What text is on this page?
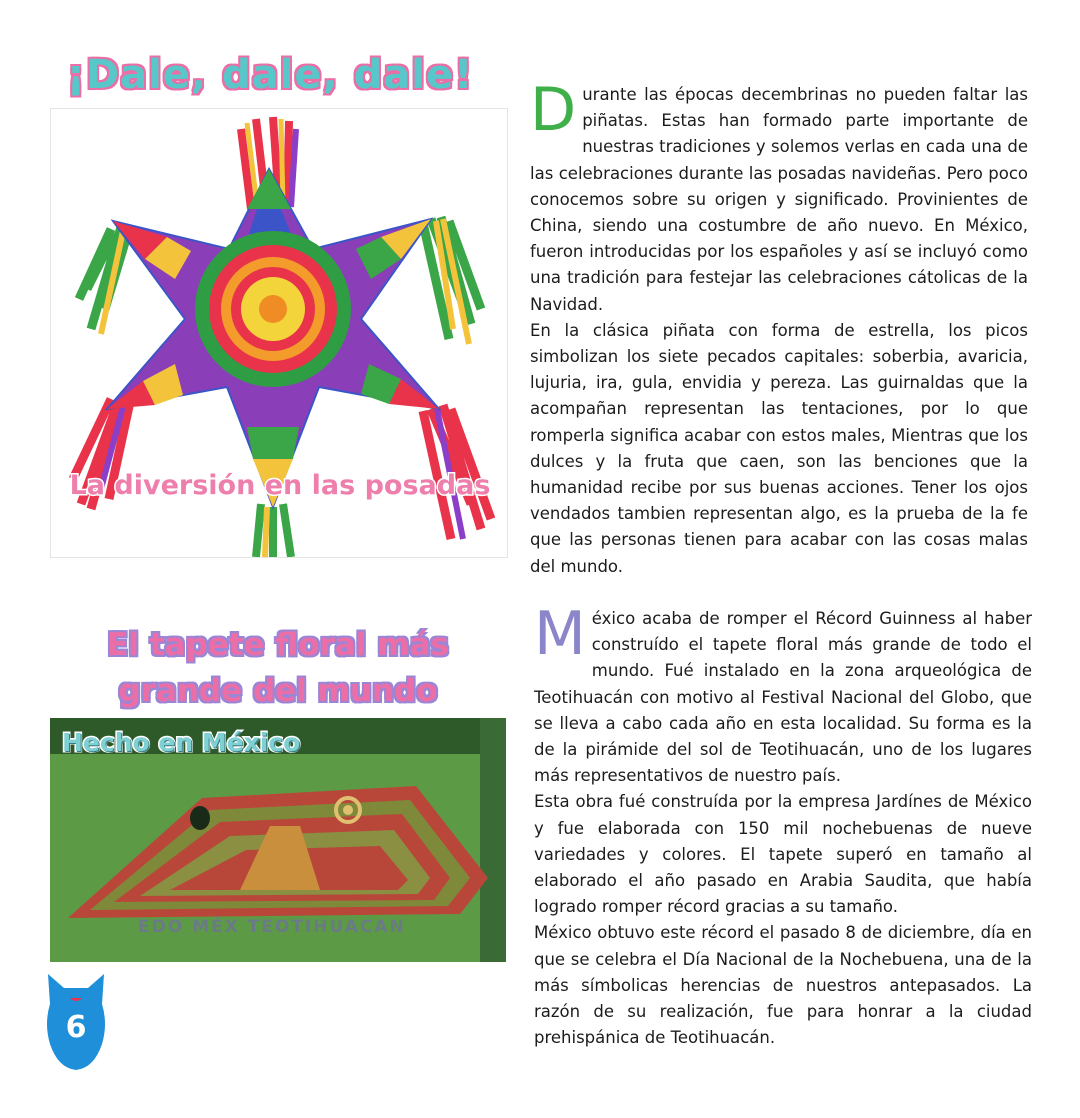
¡Dale, dale, dale!
La diversión en las posadas

Durante las épocas decembrinas no pueden faltar las piñatas. Estas han formado parte importante de nuestras tradiciones y solemos verlas en cada una de las celebraciones durante las posadas navideñas. Pero poco conocemos sobre su origen y significado. Provinientes de China, siendo una costumbre de año nuevo. En México, fueron introducidas por los españoles y así se incluyó como una tradición para festejar las celebraciones cátolicas de la Navidad.

En la clásica piñata con forma de estrella, los picos simbolizan los siete pecados capitales: soberbia, avaricia, lujuria, ira, gula, envidia y pereza. Las guirnaldas que la acompañan representan las tentaciones, por lo que romperla significa acabar con estos males, Mientras que los dulces y la fruta que caen, son las benciones que la humanidad recibe por sus buenas acciones. Tener los ojos vendados tambien representan algo, es la prueba de la fe que las personas tienen para acabar con las cosas malas del mundo.

El tapete floral más grande del mundo
EDO MÉX TEOTIHUACAN
Hecho en México

México acaba de romper el Récord Guinness al haber construído el tapete floral más grande de todo el mundo. Fué instalado en la zona arqueológica de Teotihuacán con motivo al Festival Nacional del Globo, que se lleva a cabo cada año en esta localidad. Su forma es la de la pirámide del sol de Teotihuacán, uno de los lugares más representativos de nuestro país.

Esta obra fué construída por la empresa Jardínes de México y fue elaborada con 150 mil nochebuenas de nueve variedades y colores. El tapete superó en tamaño al elaborado el año pasado en Arabia Saudita, que había logrado romper récord gracias a su tamaño.

México obtuvo este récord el pasado 8 de diciembre, día en que se celebra el Día Nacional de la Nochebuena, una de la más símbolicas herencias de nuestros antepasados. La razón de su realización, fue para honrar a la ciudad prehispánica de Teotihuacán.

6
